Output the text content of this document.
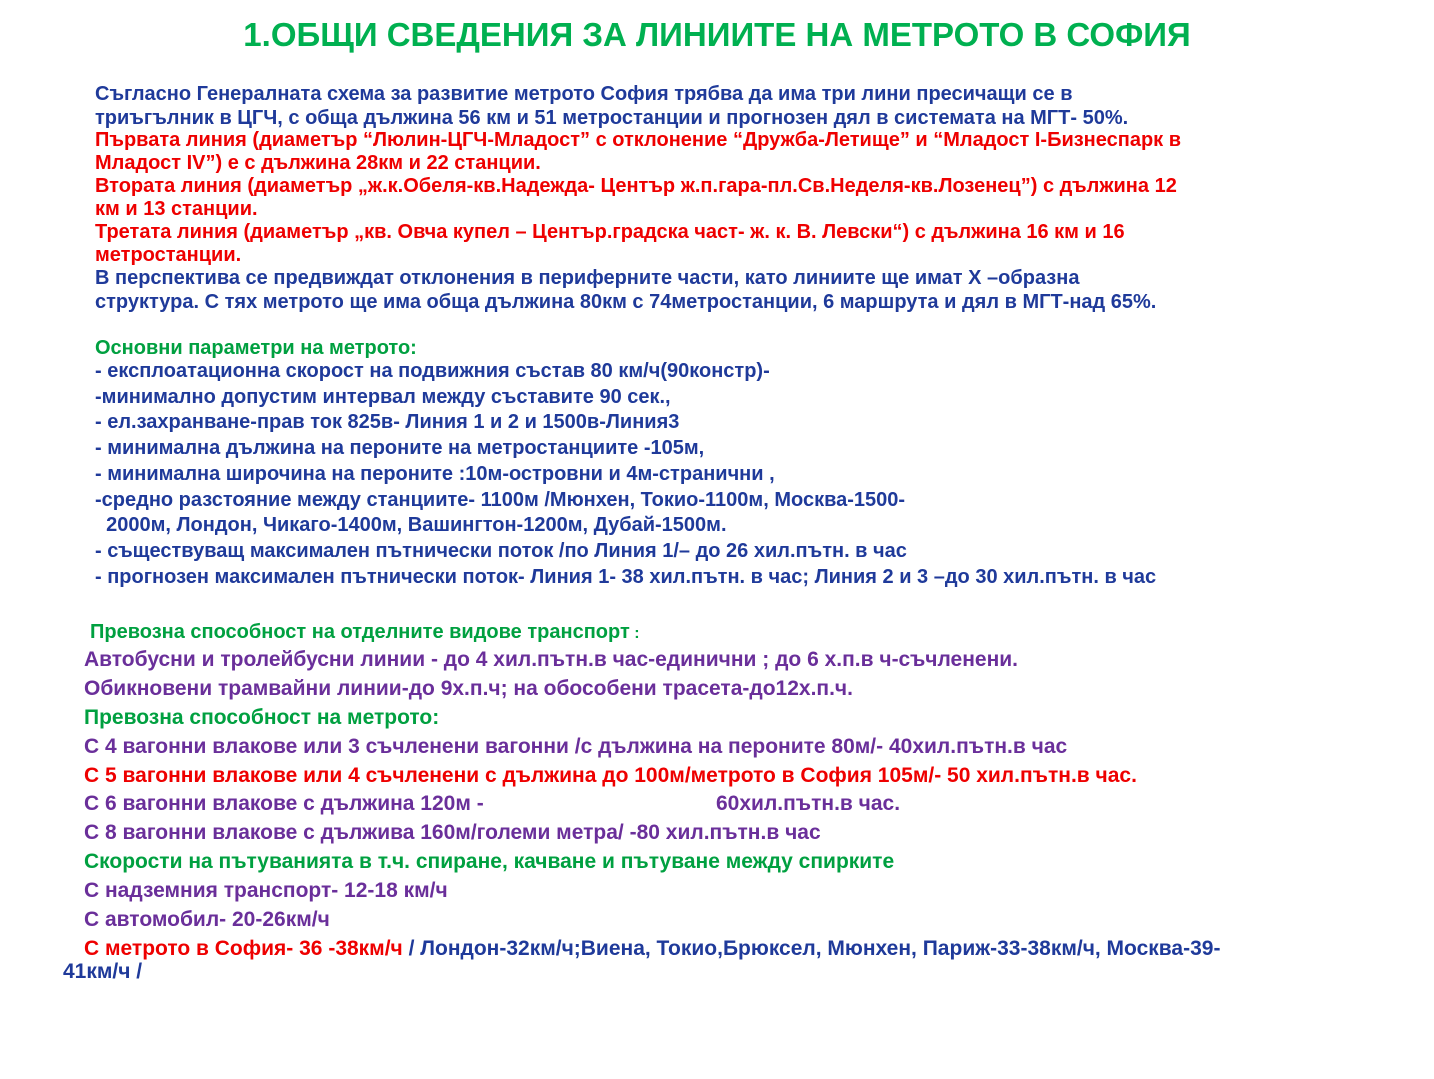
1.ОБЩИ СВЕДЕНИЯ ЗА ЛИНИИТЕ НА МЕТРОТО В СОФИЯ
Съгласно Генералната схема за развитие метрото София трябва да има три лини пресичащи се в
триъгълник в ЦГЧ, с обща дължина 56 км и 51 метростанции и прогнозен дял в системата на МГТ- 50%.
Първата линия (диаметър “Люлин-ЦГЧ-Младост” с отклонение “Дружба-Летище” и “Младост I-Бизнеспарк в
Младост IV”) е с дължина 28км и 22 станции.
Втората линия (диаметър „ж.к.Обеля-кв.Надежда- Център ж.п.гара-пл.Св.Неделя-кв.Лозенец”) с дължина 12
км и 13 станции.
Третата линия (диаметър „кв. Овча купел – Център.градска част- ж. к. В. Левски“) с дължина 16 км и 16
метростанции.
В перспектива се предвиждат отклонения в периферните части, като линиите ще имат Х –образна
структура. С тях метрото ще има обща дължина 80км с 74метростанции, 6 маршрута и дял в МГТ-над 65%.
Основни параметри на метрото:
- експлоатационна скорост на подвижния състав 80 км/ч(90констр)-
-минимално допустим интервал между съставите 90 сек.,
- ел.захранване-прав ток 825в- Линия 1 и 2 и 1500в-Линия3
- минимална дължина на пероните на метростанциите -105м,
- минимална широчина на пероните :10м-островни и 4м-странични ,
-средно разстояние между станциите- 1100м /Мюнхен, Токио-1100м, Москва-1500-
2000м, Лондон, Чикаго-1400м, Вашингтон-1200м, Дубай-1500м.
- съществуващ максимален пътнически поток /по Линия 1/– до 26 хил.пътн. в час
- прогнозен максимален пътнически поток- Линия 1- 38 хил.пътн. в час; Линия 2 и 3 –до 30 хил.пътн. в час
Превозна способност на отделните видове транспорт :
Автобусни и тролейбусни линии - до 4 хил.пътн.в час-единични ; до 6 х.п.в ч-съчленени.
Обикновени трамвайни линии-до 9х.п.ч; на обособени трасета-до12х.п.ч.
Превозна способност на метрото:
С 4 вагонни влакове или 3 съчленени вагонни /с дължина на пероните 80м/- 40хил.пътн.в час
С 5 вагонни влакове или 4 съчленени с дължина до 100м/метрото в София 105м/- 50 хил.пътн.в час.
С 6 вагонни влакове с дължина 120м -	60хил.пътн.в час.
С 8 вагонни влакове с дължива 160м/големи метра/ -80 хил.пътн.в час
Скорости на пътуванията в т.ч. спиране, качване и пътуване между спирките
С надземния транспорт- 12-18 км/ч
С автомобил- 20-26км/ч
С метрото в София- 36 -38км/ч / Лондон-32км/ч;Виена, Токио,Брюксел, Мюнхен, Париж-33-38км/ч, Москва-39-
41км/ч /
